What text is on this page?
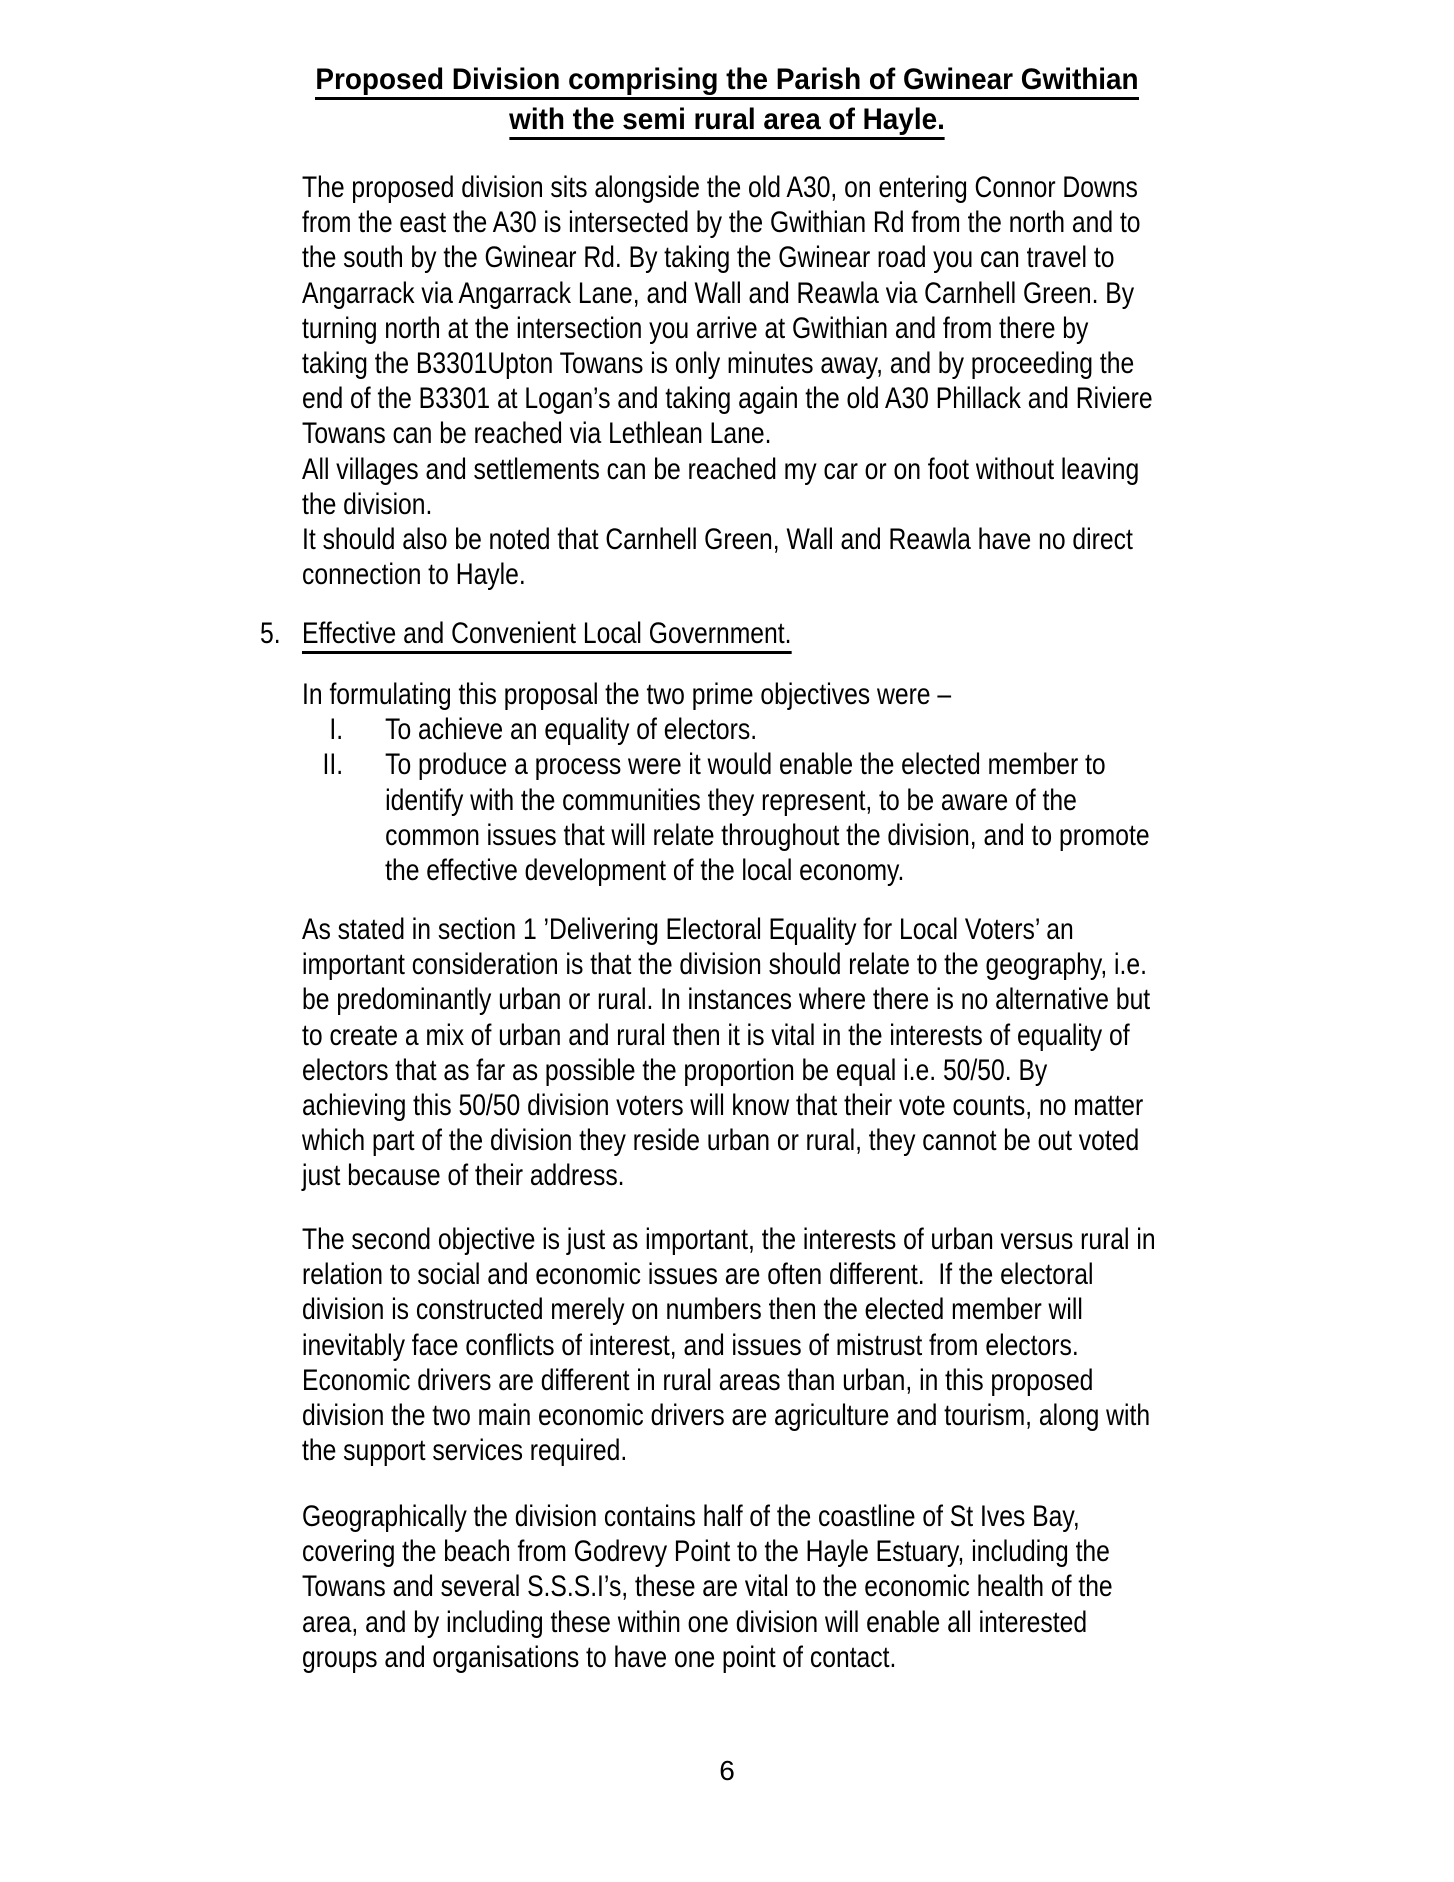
Proposed Division comprising the Parish of Gwinear Gwithian
with the semi rural area of Hayle.
The proposed division sits alongside the old A30, on entering Connor Downs
from the east the A30 is intersected by the Gwithian Rd from the north and to
the south by the Gwinear Rd. By taking the Gwinear road you can travel to
Angarrack via Angarrack Lane, and Wall and Reawla via Carnhell Green. By
turning north at the intersection you arrive at Gwithian and from there by
taking the B3301Upton Towans is only minutes away, and by proceeding the
end of the B3301 at Logan’s and taking again the old A30 Phillack and Riviere
Towans can be reached via Lethlean Lane.
All villages and settlements can be reached my car or on foot without leaving
the division.
It should also be noted that Carnhell Green, Wall and Reawla have no direct
connection to Hayle.
5. Effective and Convenient Local Government.
In formulating this proposal the two prime objectives were –
I. To achieve an equality of electors.
II. To produce a process were it would enable the elected member to
identify with the communities they represent, to be aware of the
common issues that will relate throughout the division, and to promote
the effective development of the local economy.
As stated in section 1 ’Delivering Electoral Equality for Local Voters’ an
important consideration is that the division should relate to the geography, i.e.
be predominantly urban or rural. In instances where there is no alternative but
to create a mix of urban and rural then it is vital in the interests of equality of
electors that as far as possible the proportion be equal i.e. 50/50. By
achieving this 50/50 division voters will know that their vote counts, no matter
which part of the division they reside urban or rural, they cannot be out voted
just because of their address.
The second objective is just as important, the interests of urban versus rural in
relation to social and economic issues are often different.  If the electoral
division is constructed merely on numbers then the elected member will
inevitably face conflicts of interest, and issues of mistrust from electors.
Economic drivers are different in rural areas than urban, in this proposed
division the two main economic drivers are agriculture and tourism, along with
the support services required.
Geographically the division contains half of the coastline of St Ives Bay,
covering the beach from Godrevy Point to the Hayle Estuary, including the
Towans and several S.S.S.I’s, these are vital to the economic health of the
area, and by including these within one division will enable all interested
groups and organisations to have one point of contact.
6
